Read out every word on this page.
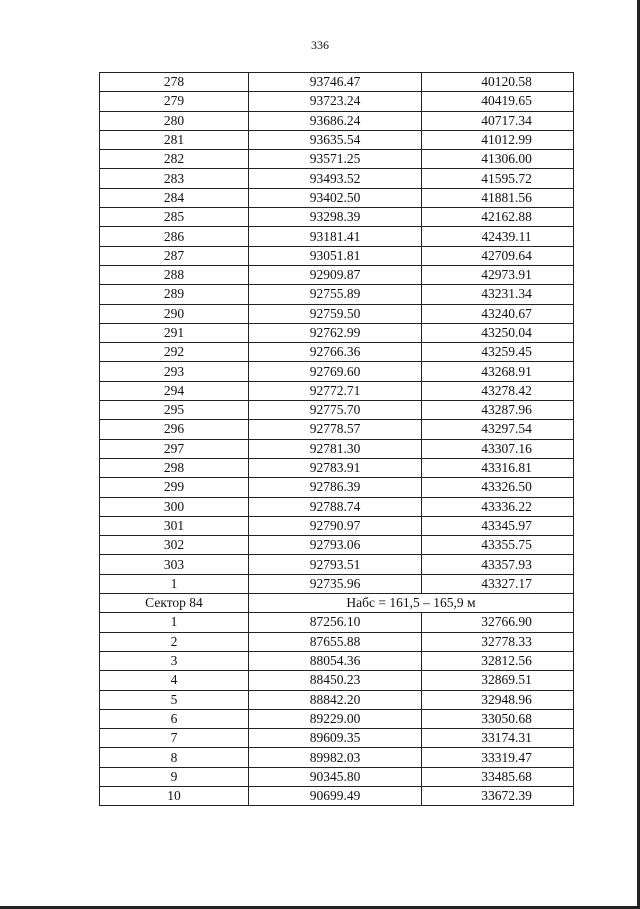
336
278	93746.47	40120.58
279	93723.24	40419.65
280	93686.24	40717.34
281	93635.54	41012.99
282	93571.25	41306.00
283	93493.52	41595.72
284	93402.50	41881.56
285	93298.39	42162.88
286	93181.41	42439.11
287	93051.81	42709.64
288	92909.87	42973.91
289	92755.89	43231.34
290	92759.50	43240.67
291	92762.99	43250.04
292	92766.36	43259.45
293	92769.60	43268.91
294	92772.71	43278.42
295	92775.70	43287.96
296	92778.57	43297.54
297	92781.30	43307.16
298	92783.91	43316.81
299	92786.39	43326.50
300	92788.74	43336.22
301	92790.97	43345.97
302	92793.06	43355.75
303	92793.51	43357.93
1	92735.96	43327.17
Сектор 84	Набс = 161,5 – 165,9 м	
1	87256.10	32766.90
2	87655.88	32778.33
3	88054.36	32812.56
4	88450.23	32869.51
5	88842.20	32948.96
6	89229.00	33050.68
7	89609.35	33174.31
8	89982.03	33319.47
9	90345.80	33485.68
10	90699.49	33672.39
